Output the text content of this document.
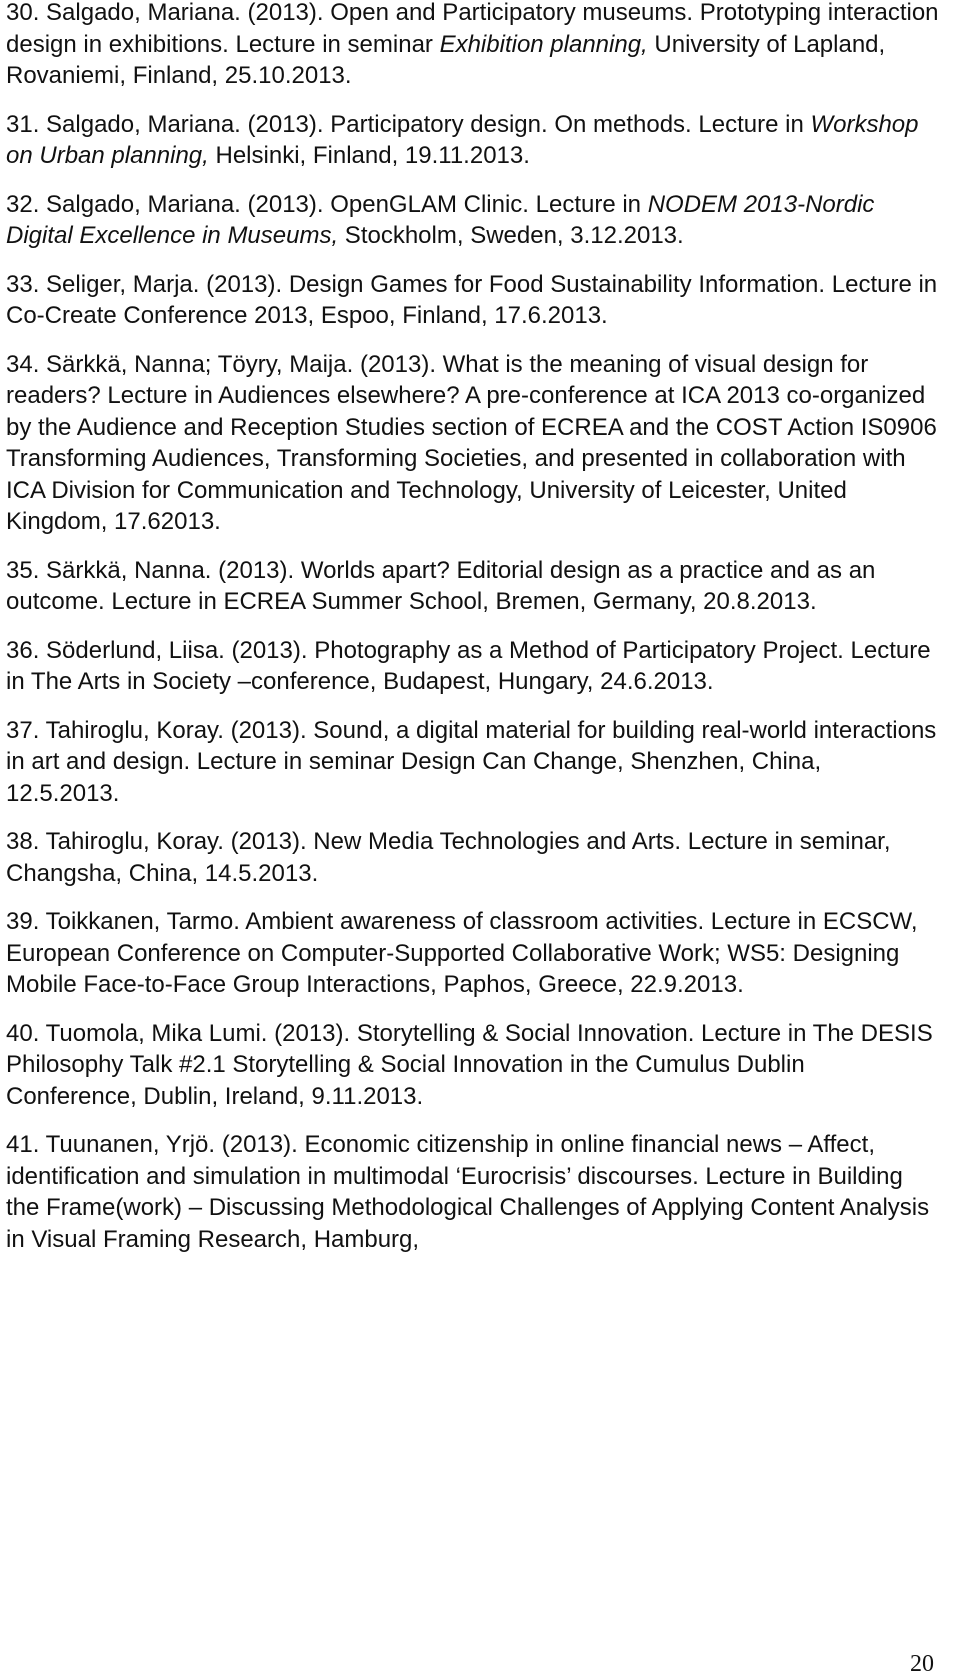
30. Salgado, Mariana. (2013). Open and Participatory museums. Prototyping interaction design in exhibitions. Lecture in seminar Exhibition planning, University of Lapland, Rovaniemi, Finland, 25.10.2013.

31. Salgado, Mariana. (2013). Participatory design. On methods. Lecture in Workshop on Urban planning, Helsinki, Finland, 19.11.2013.

32. Salgado, Mariana. (2013). OpenGLAM Clinic. Lecture in NODEM 2013-Nordic Digital Excellence in Museums, Stockholm, Sweden, 3.12.2013.

33. Seliger, Marja. (2013). Design Games for Food Sustainability Information. Lecture in Co-Create Conference 2013, Espoo, Finland, 17.6.2013.

34. Särkkä, Nanna; Töyry, Maija. (2013). What is the meaning of visual design for readers? Lecture in Audiences elsewhere? A pre-conference at ICA 2013 co-organized by the Audience and Reception Studies section of ECREA and the COST Action IS0906 Transforming Audiences, Transforming Societies, and presented in collaboration with ICA Division for Communication and Technology, University of Leicester, United Kingdom, 17.62013.

35. Särkkä, Nanna. (2013). Worlds apart? Editorial design as a practice and as an outcome. Lecture in ECREA Summer School, Bremen, Germany, 20.8.2013.

36. Söderlund, Liisa. (2013). Photography as a Method of Participatory Project. Lecture in The Arts in Society –conference, Budapest, Hungary, 24.6.2013.

37. Tahiroglu, Koray. (2013). Sound, a digital material for building real-world interactions in art and design. Lecture in seminar Design Can Change, Shenzhen, China, 12.5.2013.

38. Tahiroglu, Koray. (2013). New Media Technologies and Arts. Lecture in seminar, Changsha, China, 14.5.2013.

39. Toikkanen, Tarmo. Ambient awareness of classroom activities. Lecture in ECSCW, European Conference on Computer-Supported Collaborative Work; WS5: Designing Mobile Face-to-Face Group Interactions, Paphos, Greece, 22.9.2013.

40. Tuomola, Mika Lumi. (2013). Storytelling & Social Innovation. Lecture in The DESIS Philosophy Talk #2.1 Storytelling & Social Innovation in the Cumulus Dublin Conference, Dublin, Ireland, 9.11.2013.

41. Tuunanen, Yrjö. (2013). Economic citizenship in online financial news – Affect, identification and simulation in multimodal ‘Eurocrisis’ discourses. Lecture in Building the Frame(work) – Discussing Methodological Challenges of Applying Content Analysis in Visual Framing Research, Hamburg,

20
